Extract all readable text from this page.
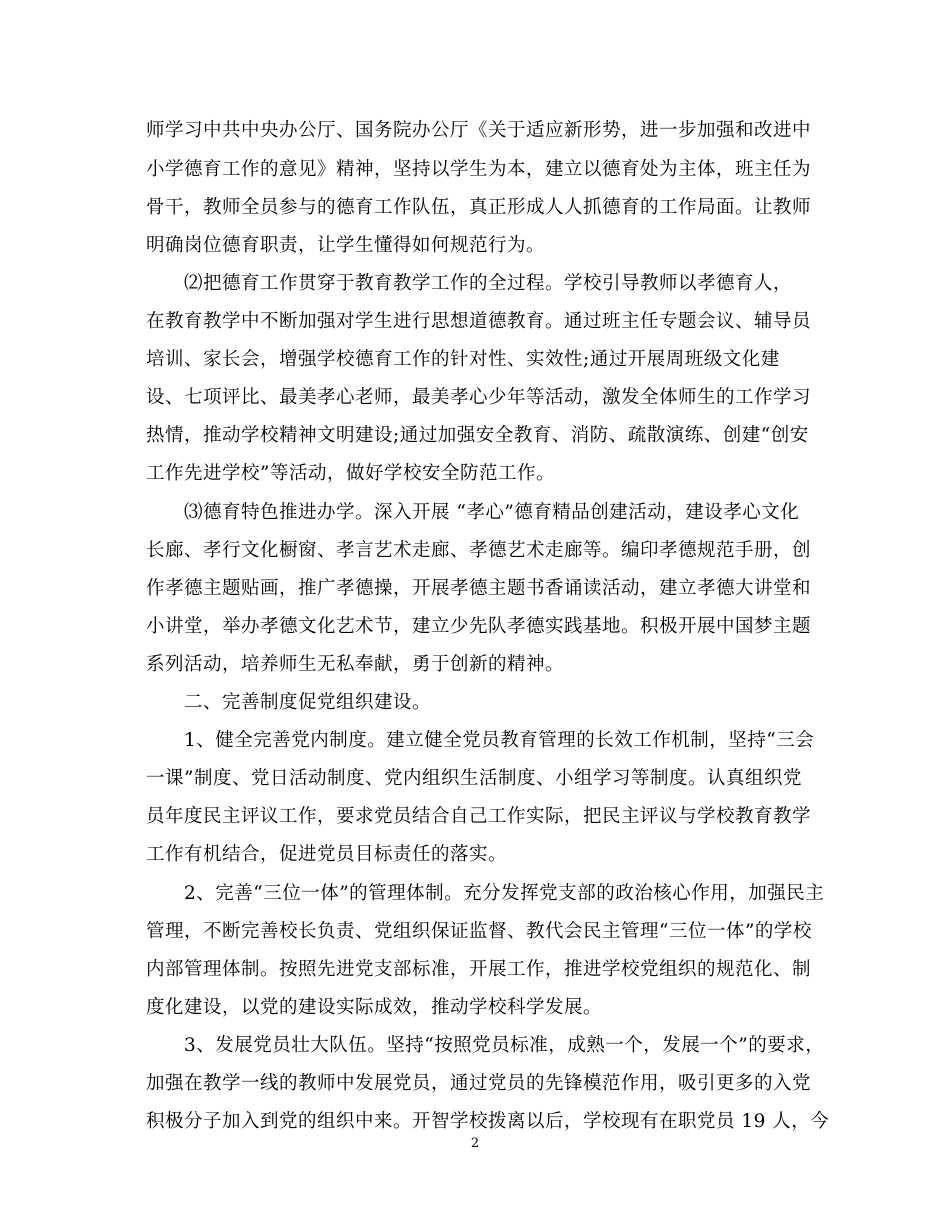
师学习中共中央办公厅、国务院办公厅《关于适应新形势，进一步加强和改进中
小学德育工作的意见》精神，坚持以学生为本，建立以德育处为主体，班主任为
骨干，教师全员参与的德育工作队伍，真正形成人人抓德育的工作局面。让教师
明确岗位德育职责，让学生懂得如何规范行为。
⑵把德育工作贯穿于教育教学工作的全过程。学校引导教师以孝德育人，
在教育教学中不断加强对学生进行思想道德教育。通过班主任专题会议、辅导员
培训、家长会，增强学校德育工作的针对性、实效性;通过开展周班级文化建
设、七项评比、最美孝心老师，最美孝心少年等活动，激发全体师生的工作学习
热情，推动学校精神文明建设;通过加强安全教育、消防、疏散演练、创建“创安
工作先进学校”等活动，做好学校安全防范工作。
⑶德育特色推进办学。深入开展 “孝心”德育精品创建活动，建设孝心文化
长廊、孝行文化橱窗、孝言艺术走廊、孝德艺术走廊等。编印孝德规范手册，创
作孝德主题贴画，推广孝德操，开展孝德主题书香诵读活动，建立孝德大讲堂和
小讲堂，举办孝德文化艺术节，建立少先队孝德实践基地。积极开展中国梦主题
系列活动，培养师生无私奉献，勇于创新的精神。
二、完善制度促党组织建设。
1、健全完善党内制度。建立健全党员教育管理的长效工作机制，坚持“三会
一课”制度、党日活动制度、党内组织生活制度、小组学习等制度。认真组织党
员年度民主评议工作，要求党员结合自己工作实际，把民主评议与学校教育教学
工作有机结合，促进党员目标责任的落实。
2、完善“三位一体”的管理体制。充分发挥党支部的政治核心作用，加强民主
管理，不断完善校长负责、党组织保证监督、教代会民主管理“三位一体”的学校
内部管理体制。按照先进党支部标准，开展工作，推进学校党组织的规范化、制
度化建设，以党的建设实际成效，推动学校科学发展。
3、发展党员壮大队伍。坚持“按照党员标准，成熟一个，发展一个”的要求，
加强在教学一线的教师中发展党员，通过党员的先锋模范作用，吸引更多的入党
积极分子加入到党的组织中来。开智学校拨离以后，学校现有在职党员 19 人，今
2
